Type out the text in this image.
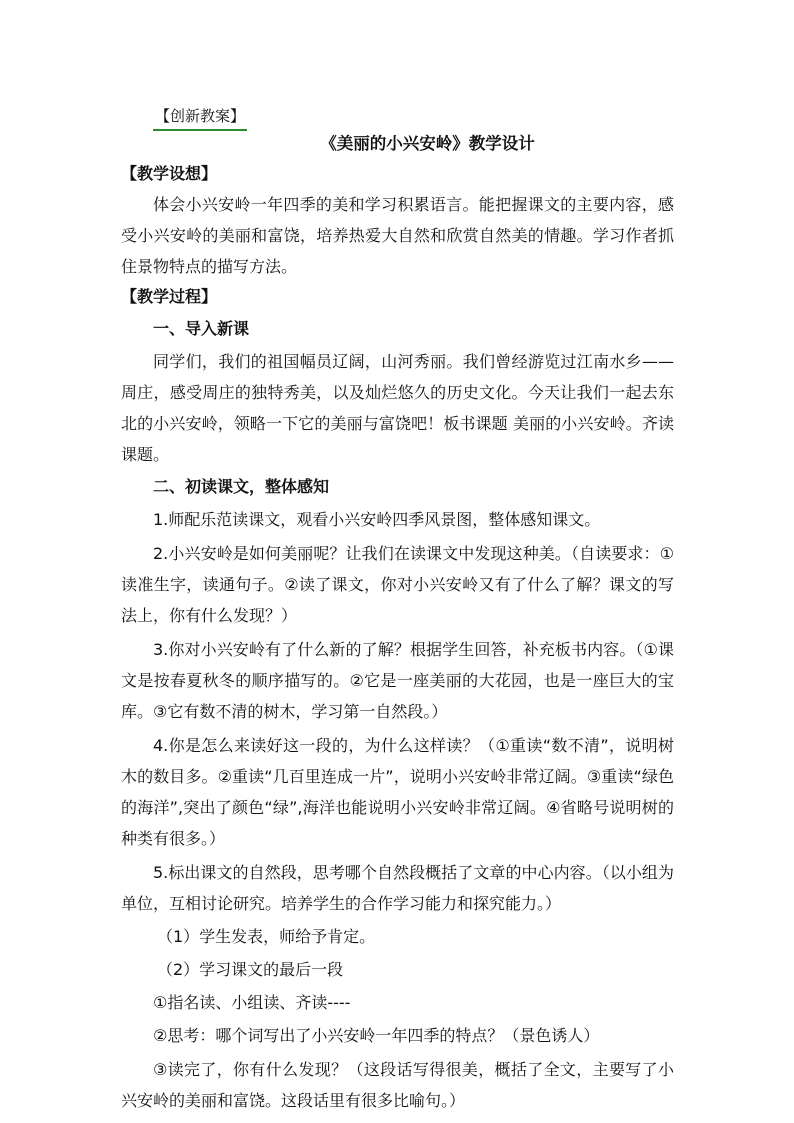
【创新教案】
《美丽的小兴安岭》教学设计
【教学设想】

体会小兴安岭一年四季的美和学习积累语言。能把握课文的主要内容，感受小兴安岭的美丽和富饶，培养热爱大自然和欣赏自然美的情趣。学习作者抓住景物特点的描写方法。

【教学过程】
一、导入新课

同学们，我们的祖国幅员辽阔，山河秀丽。我们曾经游览过江南水乡——周庄，感受周庄的独特秀美，以及灿烂悠久的历史文化。今天让我们一起去东北的小兴安岭，领略一下它的美丽与富饶吧！板书课题 美丽的小兴安岭。齐读课题。

二、初读课文，整体感知

1.师配乐范读课文，观看小兴安岭四季风景图，整体感知课文。

2.小兴安岭是如何美丽呢？让我们在读课文中发现这种美。（自读要求：①读准生字，读通句子。②读了课文，你对小兴安岭又有了什么了解？课文的写法上，你有什么发现？）

3.你对小兴安岭有了什么新的了解？根据学生回答，补充板书内容。（①课文是按春夏秋冬的顺序描写的。②它是一座美丽的大花园，也是一座巨大的宝库。③它有数不清的树木，学习第一自然段。）

4.你是怎么来读好这一段的，为什么这样读？（①重读“数不清”，说明树木的数目多。②重读“几百里连成一片”，说明小兴安岭非常辽阔。③重读“绿色的海洋”,突出了颜色“绿”,海洋也能说明小兴安岭非常辽阔。④省略号说明树的种类有很多。）

5.标出课文的自然段，思考哪个自然段概括了文章的中心内容。（以小组为单位，互相讨论研究。培养学生的合作学习能力和探究能力。）

（1）学生发表，师给予肯定。
（2）学习课文的最后一段
①指名读、小组读、齐读----
②思考：哪个词写出了小兴安岭一年四季的特点？（景色诱人）

③读完了，你有什么发现？（这段话写得很美，概括了全文，主要写了小兴安岭的美丽和富饶。这段话里有很多比喻句。）
